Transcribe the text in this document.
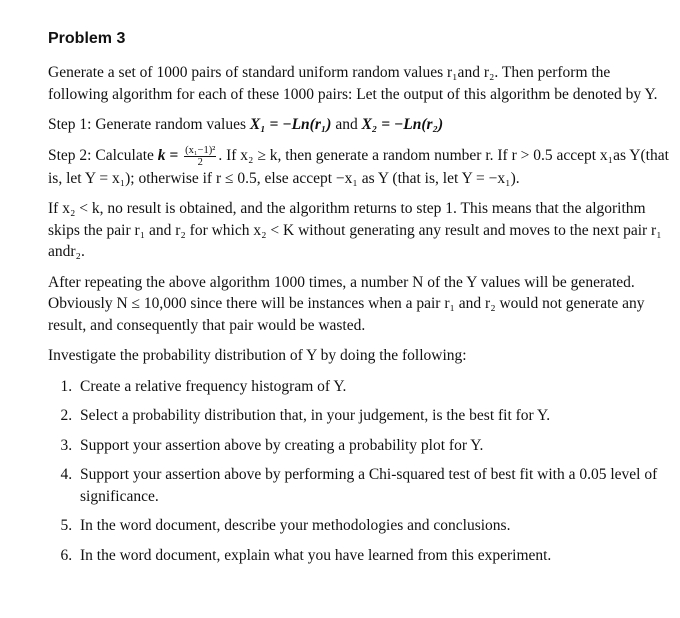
Problem 3

Generate a set of 1000 pairs of standard uniform random values r₁and r₂. Then perform the following algorithm for each of these 1000 pairs: Let the output of this algorithm be denoted by Y.

Step 1: Generate random values X₁ = −Ln(r₁) and X₂ = −Ln(r₂)

Step 2: Calculate $k = \frac{\text{(x₁−1)²}}{2}$ . If x₂ ≥ k, then generate a random number r. If r > 0.5 accept x₁as Y(that is, let Y = x₁); otherwise if r ≤ 0.5, else accept −x₁ as Y (that is, let Y = −x₁).

If x₂ < k, no result is obtained, and the algorithm returns to step 1. This means that the algorithm skips the pair r₁ and r₂ for which x₂ < K without generating any result and moves to the next pair r₁ andr₂.

After repeating the above algorithm 1000 times, a number N of the Y values will be generated. Obviously N ≤ 10,000 since there will be instances when a pair r₁ and r₂ would not generate any result, and consequently that pair would be wasted.

Investigate the probability distribution of Y by doing the following:

1. Create a relative frequency histogram of Y.
2. Select a probability distribution that, in your judgement, is the best fit for Y.
3. Support your assertion above by creating a probability plot for Y.
4. Support your assertion above by performing a Chi-squared test of best fit with a 0.05 level of significance.
5. In the word document, describe your methodologies and conclusions.
6. In the word document, explain what you have learned from this experiment.
